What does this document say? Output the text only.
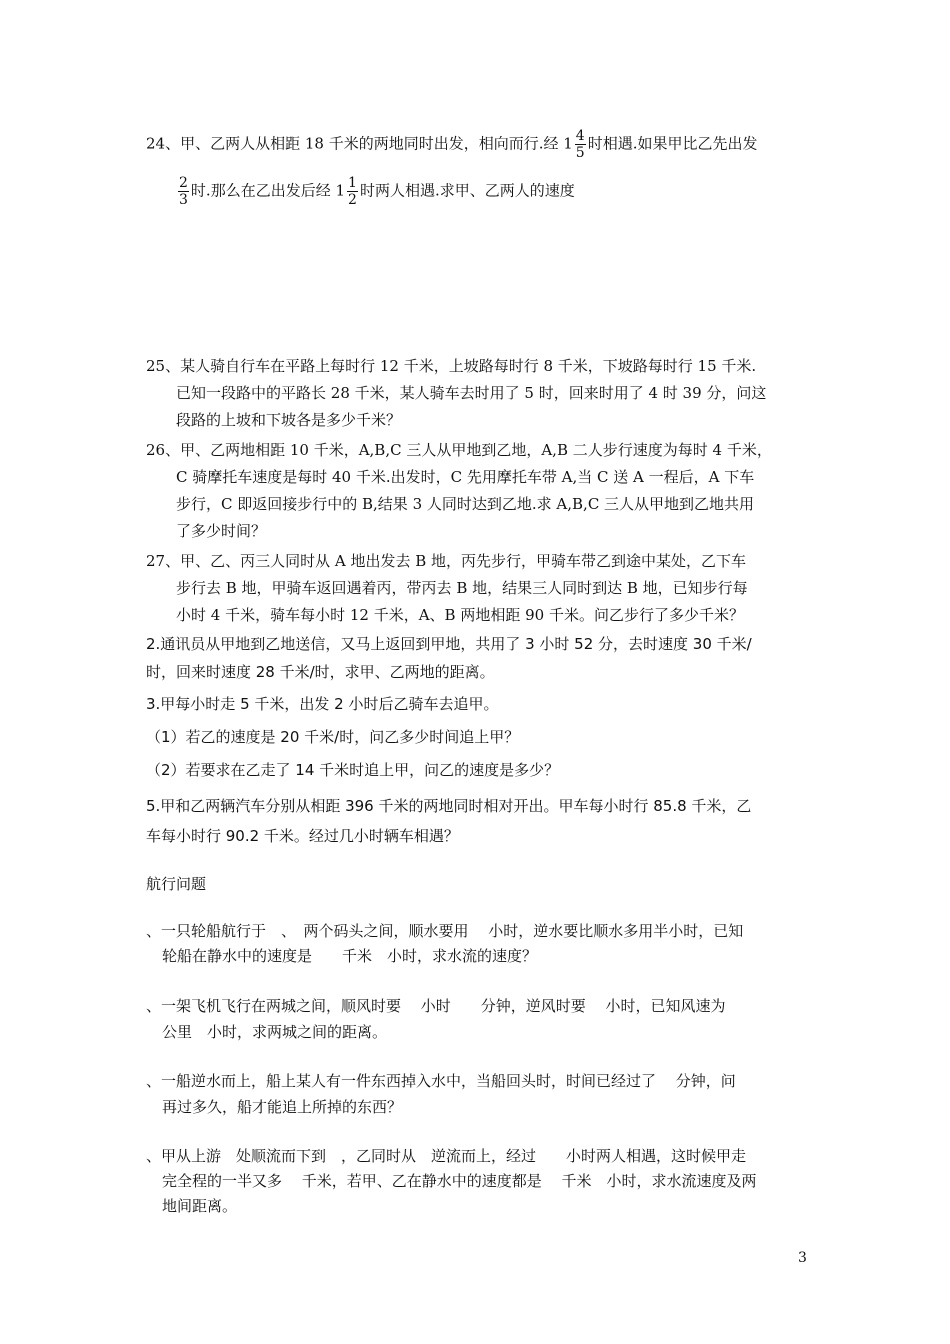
24、甲、乙两人从相距 18 千米的两地同时出发，相向而行.经 $1 \frac{4}{5}$ 时相遇.如果甲比乙先出发
$\frac{2}{3}$ 时.那么在乙出发后经 $1 \frac{1}{2}$ 时两人相遇.求甲、乙两人的速度
25、某人骑自行车在平路上每时行 12 千米，上坡路每时行 8 千米，下坡路每时行 15 千米.
已知一段路中的平路长 28 千米，某人骑车去时用了 5 时，回来时用了 4 时 39 分，问这
段路的上坡和下坡各是多少千米？
26、甲、乙两地相距 10 千米，A,B,C 三人从甲地到乙地，A,B 二人步行速度为每时 4 千米，
C 骑摩托车速度是每时 40 千米.出发时，C 先用摩托车带 A,当 C 送 A 一程后，A 下车
步行，C 即返回接步行中的 B,结果 3 人同时达到乙地.求 A,B,C 三人从甲地到乙地共用
了多少时间？
27、甲、乙、丙三人同时从 A 地出发去 B 地，丙先步行，甲骑车带乙到途中某处，乙下车
步行去 B 地，甲骑车返回遇着丙，带丙去 B 地，结果三人同时到达 B 地，已知步行每
小时 4 千米，骑车每小时 12 千米，A、B 两地相距 90 千米。问乙步行了多少千米？
2.通讯员从甲地到乙地送信，又马上返回到甲地，共用了 3 小时 52 分，去时速度 30 千米/
时，回来时速度 28 千米/时，求甲、乙两地的距离。
3.甲每小时走 5 千米，出发 2 小时后乙骑车去追甲。
（1）若乙的速度是 20 千米/时，问乙多少时间追上甲？
（2）若要求在乙走了 14 千米时追上甲，问乙的速度是多少？
5.甲和乙两辆汽车分别从相距 396 千米的两地同时相对开出。甲车每小时行 85.8 千米，乙
车每小时行 90.2 千米。经过几小时辆车相遇？
航行问题
、一只轮船航行于　、　两个码头之间，顺水要用　 小时，逆水要比顺水多用半小时，已知
轮船在静水中的速度是　　千米　小时，求水流的速度？
、一架飞机飞行在两城之间，顺风时要　 小时　　分钟，逆风时要　 小时，已知风速为
公里　小时，求两城之间的距离。
、一船逆水而上，船上某人有一件东西掉入水中，当船回头时，时间已经过了　 分钟，问
再过多久，船才能追上所掉的东西？
、甲从上游　处顺流而下到　，乙同时从　逆流而上，经过　　小时两人相遇，这时候甲走
完全程的一半又多　 千米，若甲、乙在静水中的速度都是　 千米　小时，求水流速度及两
地间距离。
3
